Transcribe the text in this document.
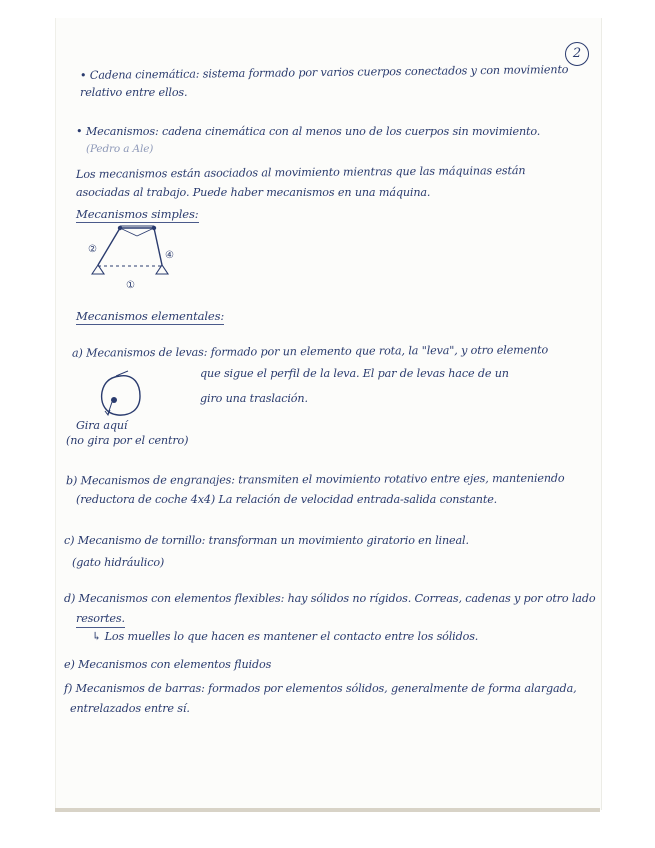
2
• Cadena cinemática: sistema formado por varios cuerpos conectados y con movimiento
relativo entre ellos.
• Mecanismos: cadena cinemática con al menos uno de los cuerpos sin movimiento.
(Pedro a Ale)
Los mecanismos están asociados al movimiento mientras que las máquinas están
asociadas al trabajo. Puede haber mecanismos en una máquina.
Mecanismos simples:
②
④
①
Mecanismos elementales:
a) Mecanismos de levas: formado por un elemento que rota, la "leva", y otro elemento
que sigue el perfil de la leva. El par de levas hace de un
giro una traslación.
Gira aquí
(no gira por el centro)
b) Mecanismos de engranajes: transmiten el movimiento rotativo entre ejes, manteniendo
(reductora de coche 4x4) La relación de velocidad entrada-salida constante.
c) Mecanismo de tornillo: transforman un movimiento giratorio en lineal.
(gato hidráulico)
d) Mecanismos con elementos flexibles: hay sólidos no rígidos. Correas, cadenas y por otro lado
resortes.
↳ Los muelles lo que hacen es mantener el contacto entre los sólidos.
e) Mecanismos con elementos fluidos
f) Mecanismos de barras: formados por elementos sólidos, generalmente de forma alargada,
entrelazados entre sí.
